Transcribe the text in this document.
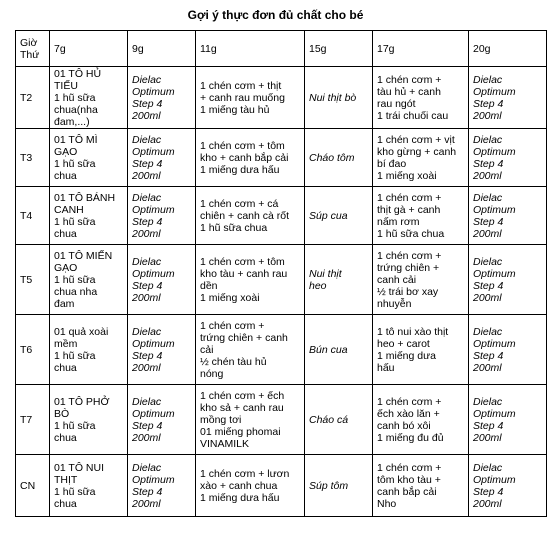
Gợi ý thực đơn đủ chất cho bé
Giờ
Thứ	7g	9g	11g	15g	17g	20g
T2	01 TÔ HỦ
TIẾU
1 hũ sữa
chua(nha
đam,...)	Dielac
Optimum
Step 4
200ml	1 chén cơm + thịt
+ canh rau muống
1 miếng tàu hủ	Nui thịt bò	1 chén cơm +
tàu hủ + canh
rau ngót
1 trái chuối cau	Dielac
Optimum
Step 4
200ml

T3	01 TÔ MÌ
GẠO
1 hũ sữa
chua	Dielac
Optimum
Step 4
200ml	1 chén cơm + tôm
kho + canh bắp cải
1 miếng dưa hấu	Cháo tôm	1 chén cơm + vịt
kho gừng + canh
bí đao
1 miếng xoài	Dielac
Optimum
Step 4
200ml

T4	01 TÔ BÁNH
CANH
1 hũ sữa
chua	Dielac
Optimum
Step 4
200ml	1 chén cơm + cá
chiên + canh cà rốt
1 hũ sữa chua	Súp cua	1 chén cơm +
thịt gà + canh
nấm rơm
1 hũ sữa chua	Dielac
Optimum
Step 4
200ml

T5	01 TÔ MIẾN
GẠO
1 hũ sữa
chua nha
đam	Dielac
Optimum
Step 4
200ml	1 chén cơm + tôm
kho tàu + canh rau
dền
1 miếng xoài	Nui thịt
heo	1 chén cơm +
trứng chiên +
canh cải
½ trái bơ xay
nhuyễn	Dielac
Optimum
Step 4
200ml

T6	01 quả xoài
mềm
1 hũ sữa
chua	Dielac
Optimum
Step 4
200ml	1 chén cơm +
trứng chiên + canh
cải
½ chén tàu hủ
nóng	Bún cua	1 tô nui xào thịt
heo + carot
1 miếng dưa
hấu	Dielac
Optimum
Step 4
200ml

T7	01 TÔ PHỞ
BÒ
1 hũ sữa
chua	Dielac
Optimum
Step 4
200ml	1 chén cơm + ếch
kho sả + canh rau
mồng tơi
01 miếng phomai
VINAMILK	Cháo cá	1 chén cơm +
ếch xào lăn +
canh bó xôi
1 miếng đu đủ	Dielac
Optimum
Step 4
200ml

CN	01 TÔ NUI
THỊT
1 hũ sữa
chua	Dielac
Optimum
Step 4
200ml	1 chén cơm + lươn
xào + canh chua
1 miếng dưa hấu	Súp tôm	1 chén cơm +
tôm kho tàu +
canh bắp cải
Nho	Dielac
Optimum
Step 4
200ml
